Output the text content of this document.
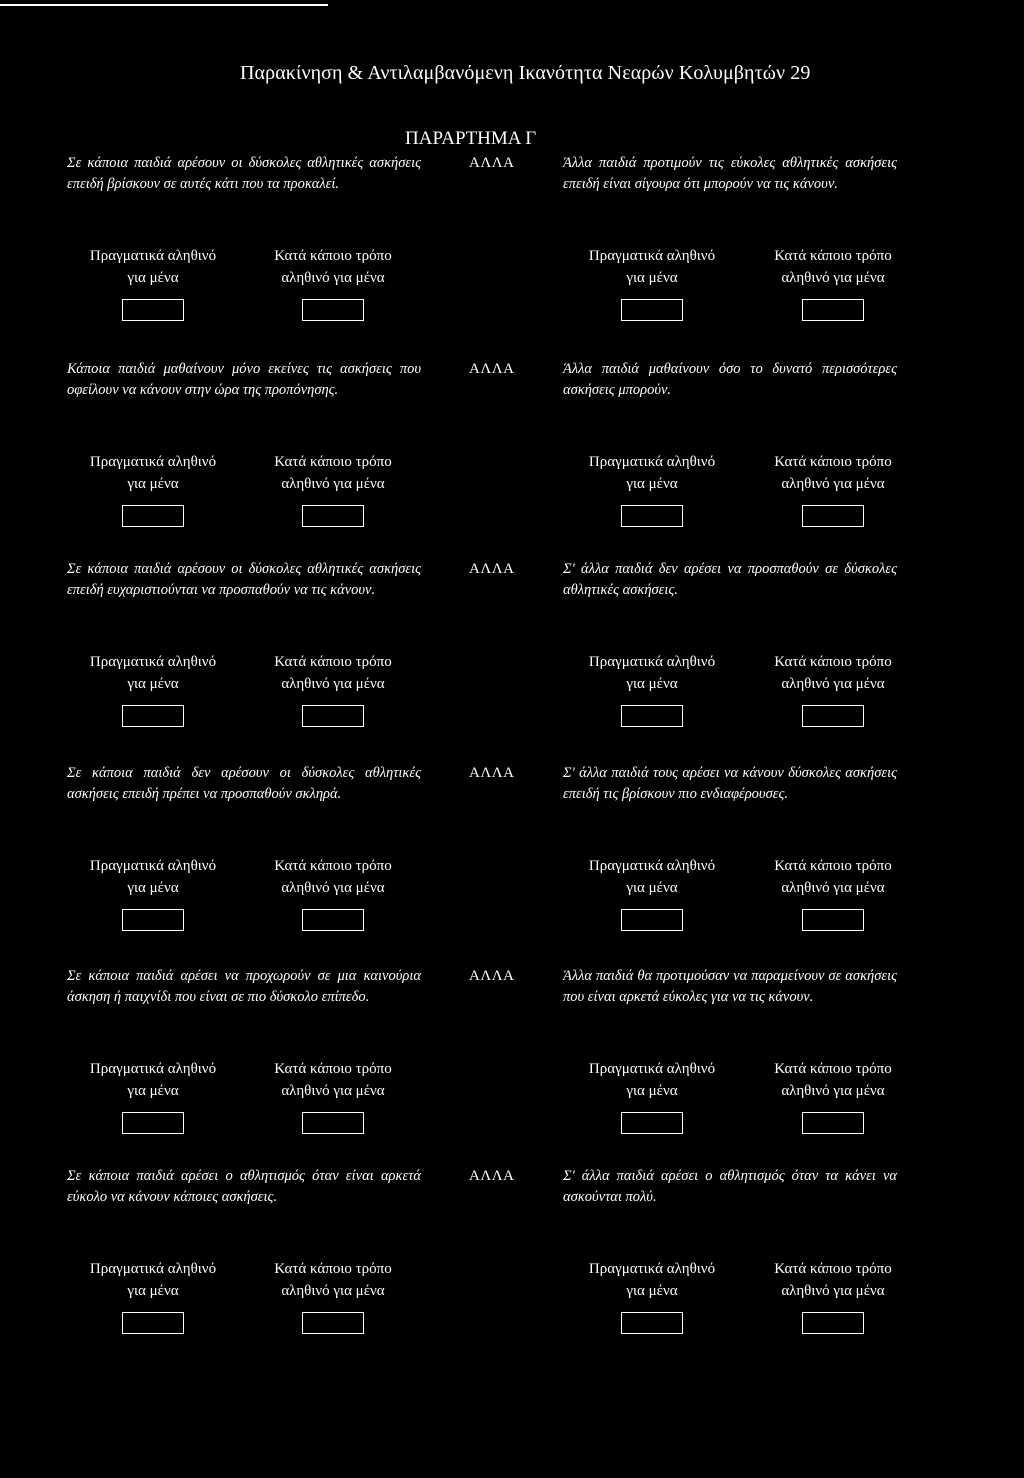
Παρακίνηση & Αντιλαμβανόμενη Ικανότητα Νεαρών Κολυμβητών 29
ΠΑΡΑΡΤΗΜΑ Γ
Σε κάποια παιδιά αρέσουν οι δύσκολες αθλητικές ασκήσεις επειδή βρίσκουν σε αυτές κάτι που τα προκαλεί.
ΑΛΛΑ	Άλλα παιδιά προτιμούν τις εύκολες αθλητικές ασκήσεις επειδή είναι σίγουρα ότι μπορούν να τις κάνουν.
Πραγματικά αληθινό
για μένα
Κατά κάποιο τρόπο
αληθινό για μένα
Πραγματικά αληθινό
για μένα
Κατά κάποιο τρόπο
αληθινό για μένα
Κάποια παιδιά μαθαίνουν μόνο εκείνες τις ασκήσεις που οφείλουν να κάνουν στην ώρα της προπόνησης.
ΑΛΛΑ	Άλλα παιδιά μαθαίνουν όσο το δυνατό περισσότερες ασκήσεις μπορούν.
Πραγματικά αληθινό
για μένα
Κατά κάποιο τρόπο
αληθινό για μένα
Πραγματικά αληθινό
για μένα
Κατά κάποιο τρόπο
αληθινό για μένα
Σε κάποια παιδιά αρέσουν οι δύσκολες αθλητικές ασκήσεις επειδή ευχαριστιούνται να προσπαθούν να τις κάνουν.
ΑΛΛΑ	Σ' άλλα παιδιά δεν αρέσει να προσπαθούν σε δύσκολες αθλητικές ασκήσεις.
Πραγματικά αληθινό
για μένα
Κατά κάποιο τρόπο
αληθινό για μένα
Πραγματικά αληθινό
για μένα
Κατά κάποιο τρόπο
αληθινό για μένα
Σε κάποια παιδιά δεν αρέσουν οι δύσκολες αθλητικές ασκήσεις επειδή πρέπει να προσπαθούν σκληρά.
ΑΛΛΑ	Σ' άλλα παιδιά τους αρέσει να κάνουν δύσκολες ασκήσεις επειδή τις βρίσκουν πιο ενδιαφέρουσες.
Πραγματικά αληθινό
για μένα
Κατά κάποιο τρόπο
αληθινό για μένα
Πραγματικά αληθινό
για μένα
Κατά κάποιο τρόπο
αληθινό για μένα
Σε κάποια παιδιά αρέσει να προχωρούν σε μια καινούρια άσκηση ή παιχνίδι που είναι σε πιο δύσκολο επίπεδο.
ΑΛΛΑ	Άλλα παιδιά θα προτιμούσαν να παραμείνουν σε ασκήσεις που είναι αρκετά εύκολες για να τις κάνουν.
Πραγματικά αληθινό
για μένα
Κατά κάποιο τρόπο
αληθινό για μένα
Πραγματικά αληθινό
για μένα
Κατά κάποιο τρόπο
αληθινό για μένα
Σε κάποια παιδιά αρέσει ο αθλητισμός όταν είναι αρκετά εύκολο να κάνουν κάποιες ασκήσεις.
ΑΛΛΑ	Σ' άλλα παιδιά αρέσει ο αθλητισμός όταν τα κάνει να ασκούνται πολύ.
Πραγματικά αληθινό
για μένα
Κατά κάποιο τρόπο
αληθινό για μένα
Πραγματικά αληθινό
για μένα
Κατά κάποιο τρόπο
αληθινό για μένα
